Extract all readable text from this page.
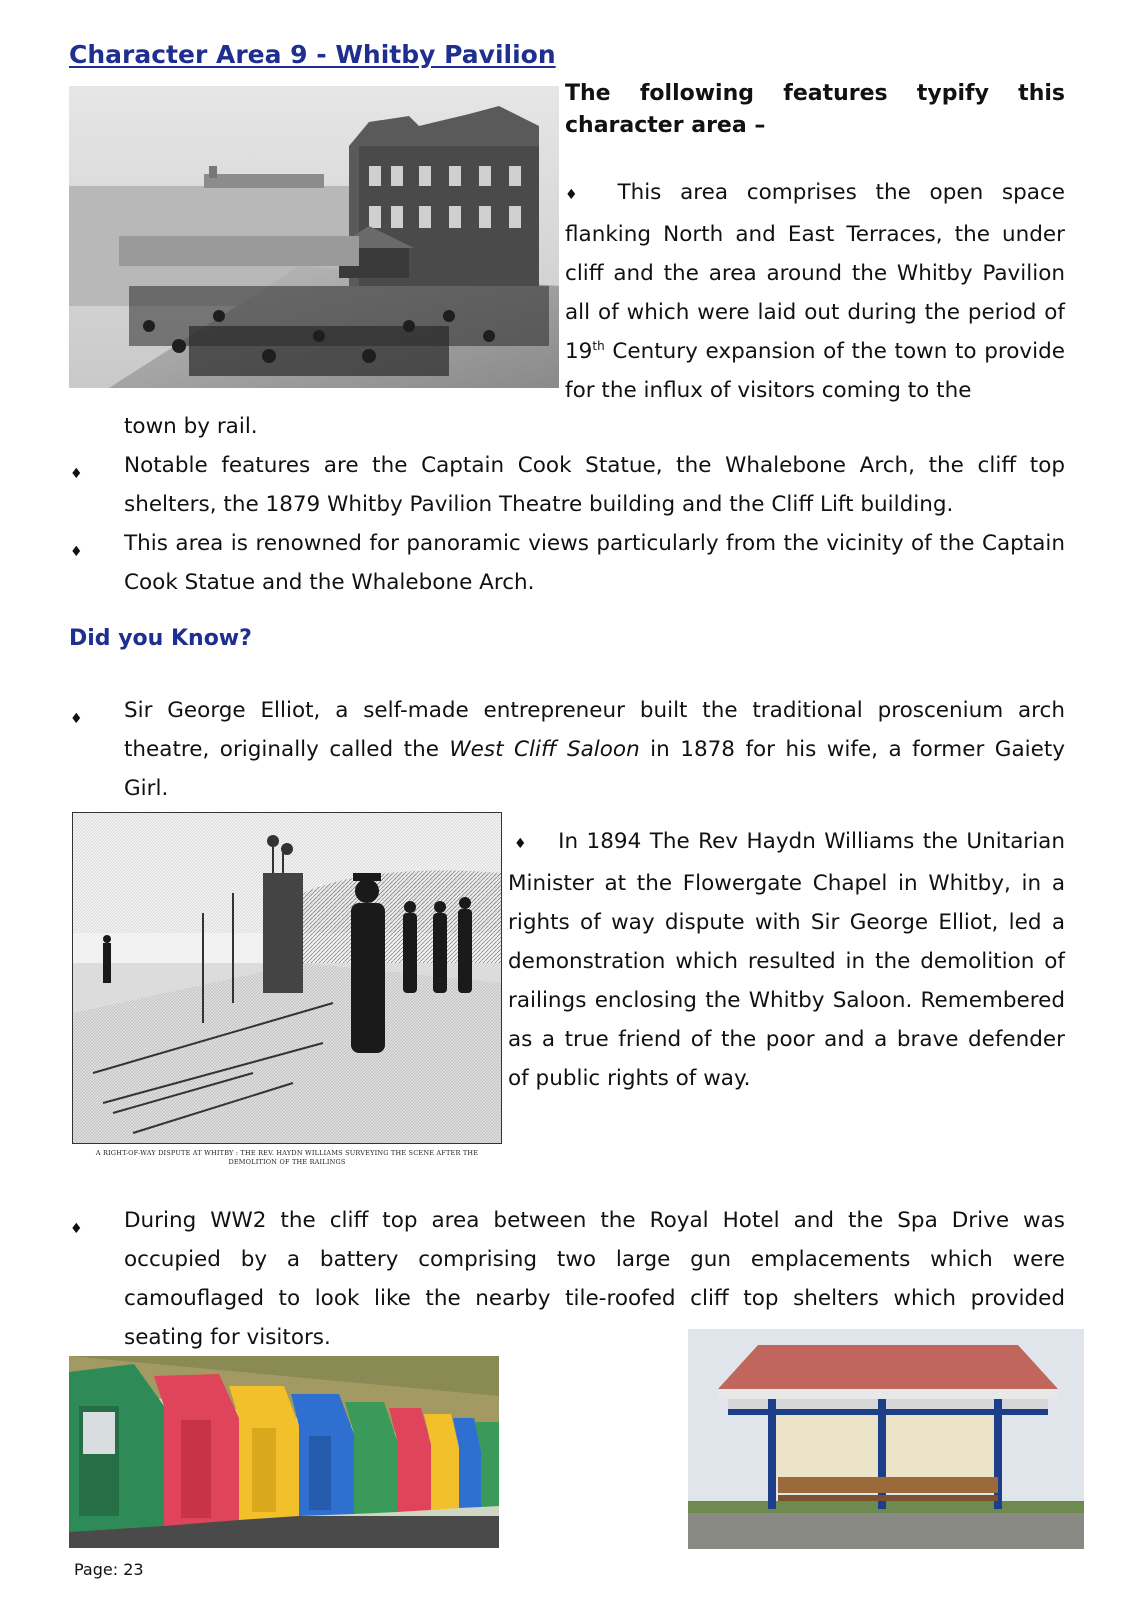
Character Area 9 - Whitby Pavilion
The following features typify this character area –
♦ This area comprises the open space flanking North and East Terraces, the under cliff and the area around the Whitby Pavilion all of which were laid out during the period of 19th Century expansion of the town to provide for the influx of visitors coming to the
town by rail.
♦ Notable features are the Captain Cook Statue, the Whalebone Arch, the cliff top shelters, the 1879 Whitby Pavilion Theatre building and the Cliff Lift building.
♦ This area is renowned for panoramic views particularly from the vicinity of the Captain Cook Statue and the Whalebone Arch.
Did you Know?
♦ Sir George Elliot, a self-made entrepreneur built the traditional proscenium arch theatre, originally called the West Cliff Saloon in 1878 for his wife, a former Gaiety Girl.
A RIGHT-OF-WAY DISPUTE AT WHITBY : THE REV. HAYDN WILLIAMS SURVEYING THE SCENE AFTER THE DEMOLITION OF THE RAILINGS
♦ In 1894 The Rev Haydn Williams the Unitarian Minister at the Flowergate Chapel in Whitby, in a rights of way dispute with Sir George Elliot, led a demonstration which resulted in the demolition of railings enclosing the Whitby Saloon. Remembered as a true friend of the poor and a brave defender of public rights of way.
♦ During WW2 the cliff top area between the Royal Hotel and the Spa Drive was occupied by a battery comprising two large gun emplacements which were camouflaged to look like the nearby tile-roofed cliff top shelters which provided seating for visitors.
Page: 23
